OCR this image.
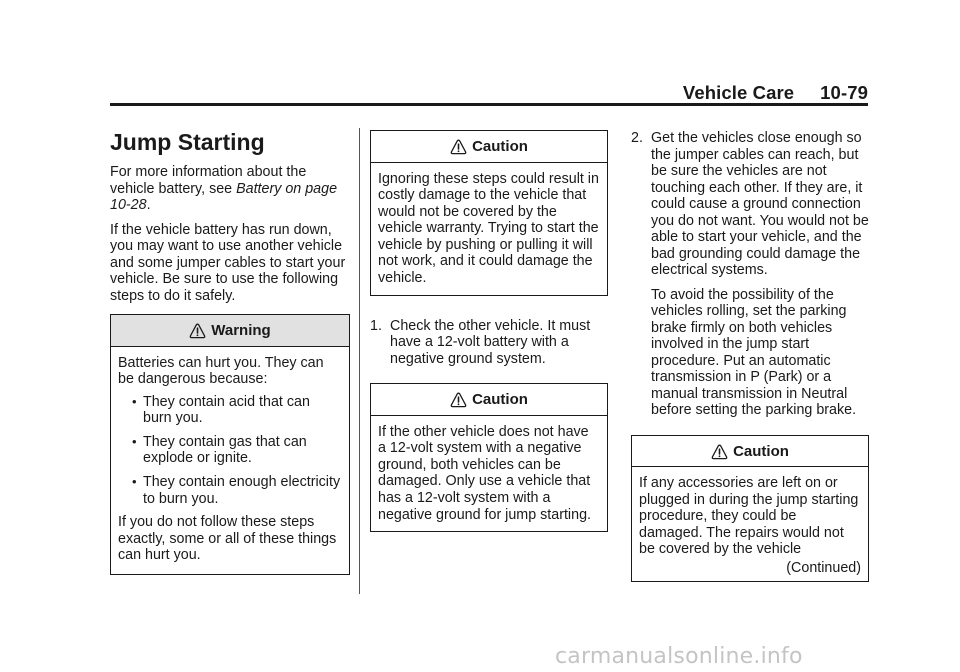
Vehicle Care 10-79
Jump Starting

For more information about the vehicle battery, see Battery on page 10-28.

If the vehicle battery has run down, you may want to use another vehicle and some jumper cables to start your vehicle. Be sure to use the following steps to do it safely.

Warning

Batteries can hurt you. They can be dangerous because:

• They contain acid that can burn you.
• They contain gas that can explode or ignite.
• They contain enough electricity to burn you.

If you do not follow these steps exactly, some or all of these things can hurt you.

Caution

Ignoring these steps could result in costly damage to the vehicle that would not be covered by the vehicle warranty. Trying to start the vehicle by pushing or pulling it will not work, and it could damage the vehicle.

1. Check the other vehicle. It must have a 12-volt battery with a negative ground system.
Caution

If the other vehicle does not have a 12-volt system with a negative ground, both vehicles can be damaged. Only use a vehicle that has a 12-volt system with a negative ground for jump starting.

2. Get the vehicles close enough so the jumper cables can reach, but be sure the vehicles are not touching each other. If they are, it could cause a ground connection you do not want. You would not be able to start your vehicle, and the bad grounding could damage the electrical systems.
To avoid the possibility of the vehicles rolling, set the parking brake firmly on both vehicles involved in the jump start procedure. Put an automatic transmission in P (Park) or a manual transmission in Neutral before setting the parking brake.
Caution

If any accessories are left on or plugged in during the jump starting procedure, they could be damaged. The repairs would not be covered by the vehicle

(Continued)
carmanualsonline.info
